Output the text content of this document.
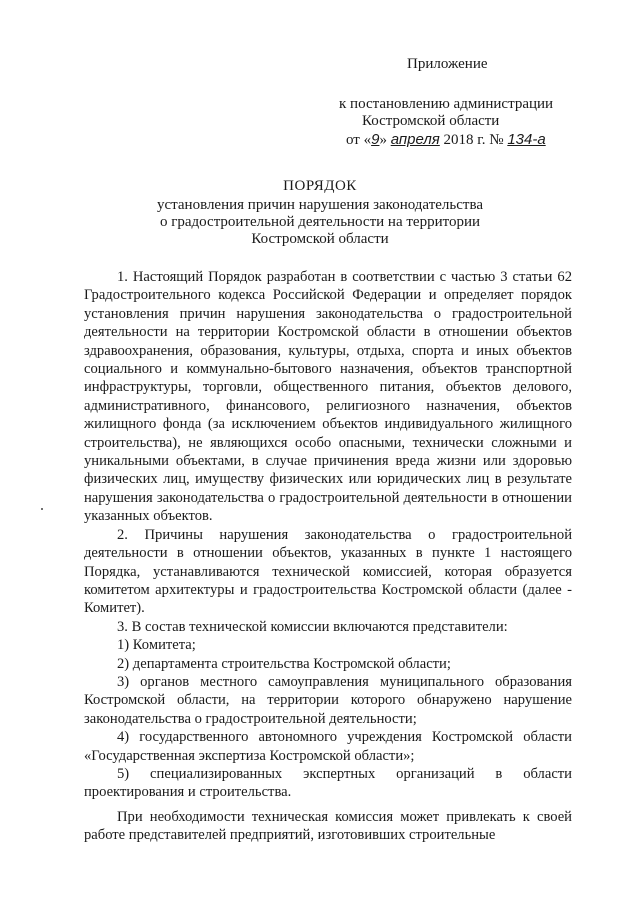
Приложение
к постановлению администрации
Костромской области
от «9» апреля 2018 г. № 134-а
ПОРЯДОК
установления причин нарушения законодательства
о градостроительной деятельности на территории
Костромской области

1. Настоящий Порядок разработан в соответствии с частью 3 статьи 62 Градостроительного кодекса Российской Федерации и определяет порядок установления причин нарушения законодательства о градостроительной деятельности на территории Костромской области в отношении объектов здравоохранения, образования, культуры, отдыха, спорта и иных объектов социального и коммунально-бытового назначения, объектов транспортной инфраструктуры, торговли, общественного питания, объектов делового, административного, финансового, религиозного назначения, объектов жилищного фонда (за исключением объектов индивидуального жилищного строительства), не являющихся особо опасными, технически сложными и уникальными объектами, в случае причинения вреда жизни или здоровью физических лиц, имуществу физических или юридических лиц в результате нарушения законодательства о градостроительной деятельности в отношении указанных объектов.

2. Причины нарушения законодательства о градостроительной деятельности в отношении объектов, указанных в пункте 1 настоящего Порядка, устанавливаются технической комиссией, которая образуется комитетом архитектуры и градостроительства Костромской области (далее - Комитет).

3. В состав технической комиссии включаются представители:

1) Комитета;

2) департамента строительства Костромской области;

3) органов местного самоуправления муниципального образования Костромской области, на территории которого обнаружено нарушение законодательства о градостроительной деятельности;

4) государственного автономного учреждения Костромской области «Государственная экспертиза Костромской области»;

5) специализированных экспертных организаций в области проектирования и строительства.

При необходимости техническая комиссия может привлекать к своей работе представителей предприятий, изготовивших строительные
